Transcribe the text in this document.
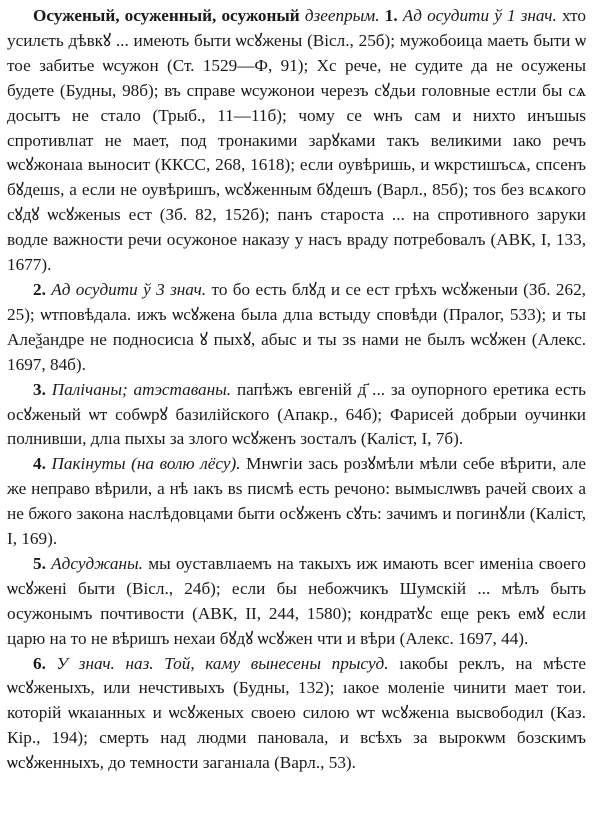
Осуженый, осуженный, осужоный дзеепрым. 1. Ад осудити ў 1 знач. хто усилєть дѣвкꙋ ... имеють быти ѡсꙋжены (Вісл., 25б); мужобоица маеть быти ѡ тое забитье ѡсужон (Ст. 1529—Ф, 91); Хс рече, не судите да не осужены будете (Будны, 98б); въ справе ѡсужонои черезъ сꙋдьи головные естли бы сѧ досытъ не стало (Трыб., 11—11б); чому се ѡнъ сам и нихто инъшыs спротивлıат не мает, под тронакими зарꙋками такъ великими ıако речъ ѡсꙋжонаıа выносит (ККСС, 268, 1618); если оувѣришь, и ѡкрстишъсѧ, спсенъ бꙋдешs, а если не оувѣришъ, ѡсꙋженным бꙋдешъ (Варл., 85б); тоs без всѧкого сꙋдꙋ ѡсꙋженыs ест (Зб. 82, 152б); панъ староста ... на спротивного заруки водле важности речи осужоное наказу у насъ враду потребовалъ (АВК, І, 133, 1677).

2. Ад осудити ў 3 знач. то бо есть блꙋд и се ест грѣхъ ѡсꙋженыи (Зб. 262, 25); ѡтповѣдала. ижъ ѡсꙋжена была длıа встыду сповѣди (Пралог, 533); и ты Алеѯандре не подносисıа ꙋ пыхꙋ, абыс и ты зs нами не былъ ѡсꙋжен (Алекс. 1697, 84б).

3. Палічаны; атэставаны. папѣжъ евгеній д҃ ... за оупорного еретика есть осꙋженый ѡт собѡрꙋ базилійского (Апакр., 64б); Фарисей добрыи оучинки полнивши, длıа пыхы за злого ѡсꙋженъ зосталъ (Каліст, І, 7б).

4. Пакінуты (на волю лёсу). Мнѡгіи зась розꙋмѣли мѣли себе вѣрити, але же неправо вѣрили, а нѣ ıакъ вs писмѣ есть речоно: вымыслѡвъ рачей своих а не бжого закона наслѣдовцами быти осꙋженъ сꙋть: зачимъ и погинꙋли (Каліст, І, 169).

5. Адсуджаны. мы оуставлıаемъ на такыхъ иж имають всег именіıа своего ѡсꙋжені быти (Вісл., 24б); если бы небожчикъ Шумскій ... мѣлъ быть осужонымъ почтивости (АВК, ІІ, 244, 1580); кондратꙋс еще рекъ емꙋ если царю на то не вѣришъ нехаи бꙋдꙋ ѡсꙋжен чти и вѣри (Алекс. 1697, 44).

6. У знач. наз. Той, каму вынесены прысуд. ıакобы реклъ, на мѣсте ѡсꙋженыхъ, или нечстивыхъ (Будны, 132); ıакое моленіе чинити мает тои. которій ѡкаıанных и ѡсꙋженых своею силою ѡт ѡсꙋженıа высвободил (Каз. Кір., 194); смерть над людми пановала, и всѣхъ за вырокѡм бозскимъ ѡсꙋженныхъ, до темности заганıала (Варл., 53).
